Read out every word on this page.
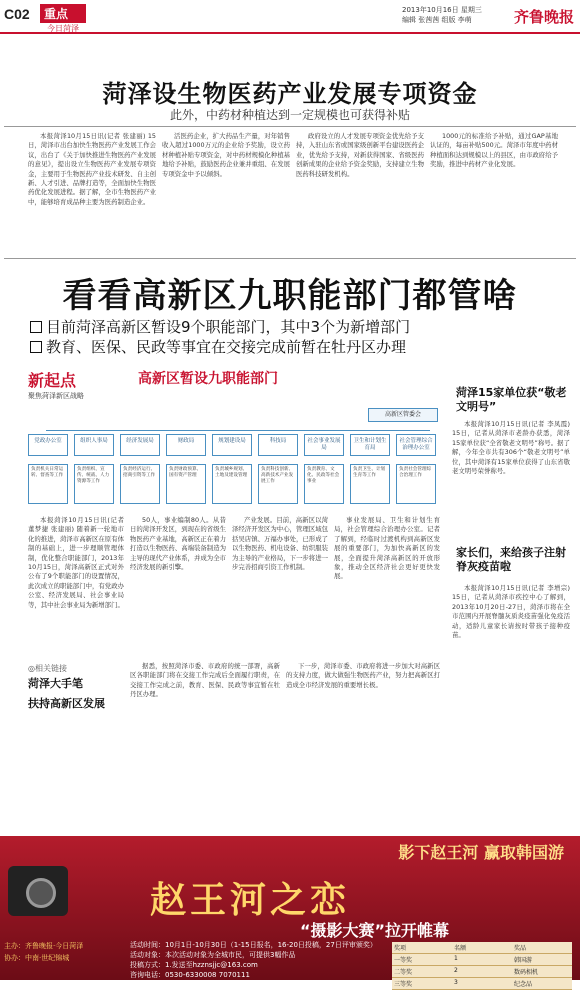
C02	重点
今日菏泽
2013年10月16日 星期三
编辑 张茜茜 组版 李萌	齐鲁晚报
菏泽设生物医药产业发展专项资金
此外，中药材种植达到一定规模也可获得补贴

本报菏泽10月15日讯(记者 张建丽) 15日，菏泽市出台加快生物医药产业发展工作会议，出台了《关于加快推进生物医药产业发展的意见》，提出设立生物医药产业发展专项资金，主要用于生物医药产业技术研发、自主创新、人才引进、品牌打造等，全面加快生物医药优化发展进程。据了解，全市生物医药产业中，能够培育成品种主要为医药制造企业。

活医药企业，扩大药品生产量，对年销售收入超过1000万元的企业给予奖励，设立药材种植补贴专项资金，对中药材规模化种植基地给予补贴，鼓励医药企业兼并重组、在发展专项资金中予以倾斜。

政府设立的人才发展专项资金优先给予支持，入驻山东省或国家级创新平台建设医药企业，优先给予支持，对新获得国家、省级医药创新成果的企业给予资金奖励，支持建立生物医药科技研发机构。

1000元的标准给予补贴，通过GAP基地认证的，每亩补贴500元。菏泽市年度中药材种植面积达到规模以上的县区，由市政府给予奖励，推进中药材产业化发展。

看看高新区九职能部门都管啥
目前菏泽高新区暂设9个职能部门，其中3个为新增部门
教育、医保、民政等事宜在交接完成前暂在牡丹区办理
新起点
聚焦菏泽新区战略
高新区暂设九职能部门
高新区管委会
党政办公室
负责机关日常运转、督查等工作
组织人事局
负责组织、宣传、统战、人力资源等工作
经济发展局
负责经济运行、招商引资等工作
财政局
负责财政预算、国有资产管理
规划建设局
负责城乡规划、土地及建设管理
科技局
负责科技创新、高新技术产业发展工作
社会事业发展局
负责教育、文化、民政等社会事业
卫生和计划生育局
负责卫生、计划生育等工作
社会管理综合治理办公室
负责社会管理综合治理工作

本报菏泽10月15日讯(记者 董梦捷 张建丽) 随着新一轮地市化的推进，菏泽市高新区在原有体制的基础上，进一步理顺管理体制，优化整合职能部门，2013年10月15日，菏泽高新区正式对外公布了9个职能部门的设置情况，此次成立的职能部门中，有党政办公室、经济发展局、社会事业局等，其中社会事业局为新增部门。

50人，事业编制80人。从昔日的菏泽开发区，到现在的省级生物医药产业基地，高新区正在着力打造以生物医药、高端装备制造为主导的现代产业体系，并成为全市经济发展的新引擎。

产业发展。目前，高新区以菏泽经济开发区为中心，管理区域包括吴店镇、万福办事处，已形成了以生物医药、机电设备、纺织服装为主导的产业格局，下一步将进一步完善招商引资工作机制。

事业发展局、卫生和计划生育局，社会管理综合治理办公室。记者了解到，经临时过渡机构到高新区发展的重要部门，为加快高新区的发展，全面提升菏泽高新区的开放形象，推动全区经济社会更好更快发展。

据悉，按照菏泽市委、市政府的统一部署，高新区各职能部门将在交接工作完成后全面履行职责，在交接工作完成之前，教育、医保、民政等事宜暂在牡丹区办理。

下一步，菏泽市委、市政府将进一步加大对高新区的支持力度，做大做强生物医药产业，努力把高新区打造成全市经济发展的重要增长极。

◎相关链接
菏泽大手笔
扶持高新区发展
菏泽15家单位获“敬老文明号”

本报菏泽10月15日讯(记者 李凤霞) 15日，记者从菏泽市老龄办获悉，菏泽15家单位获“全省敬老文明号”称号。据了解，今年全市共有306个“敬老文明号”单位，其中菏泽有15家单位获得了山东省敬老文明号荣誉称号。

家长们，来给孩子注射脊灰疫苗啦

本报菏泽10月15日讯(记者 李增宗) 15日，记者从菏泽市疾控中心了解到，2013年10月20日-27日，菏泽市将在全市范围内开展脊髓灰质炎疫苗强化免疫活动，适龄儿童家长请按时带孩子接种疫苗。

影下赵王河 赢取韩国游
赵王河之恋
“摄影大赛”拉开帷幕
主办：齐鲁晚报·今日菏泽
协办：中南·世纪锦城
活动时间：10月1日-10月30日（1-15日报名，16-20日投稿，27日评审颁奖）
活动对象：本次活动对象为全城市民，可提供3幅作品
投稿方式：1.发送至hzznsjjc@163.com
咨询电话：0530-6330008 7070111
奖项	名额	奖品
一等奖	1	韩国游
二等奖	2	数码相机
三等奖	3	纪念品
